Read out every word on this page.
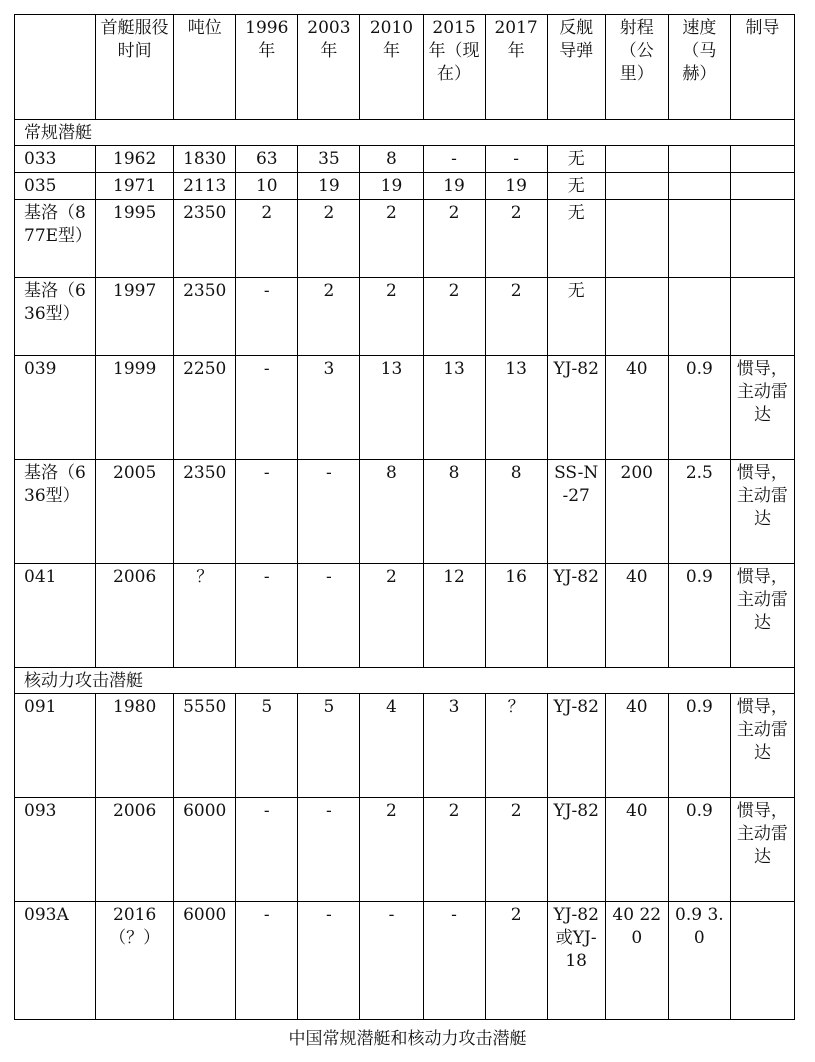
	首艇服役时间	吨位	1996年	2003年	2010年	2015年（现在）	2017年	反舰导弹	射程（公里）	速度（马赫）	制导
常规潜艇											
033	1962	1830	63	35	8	-	-	无			
035	1971	2113	10	19	19	19	19	无			
基洛（877E型）	1995	2350	2	2	2	2	2	无			
基洛（636型）	1997	2350	-	2	2	2	2	无			
039	1999	2250	-	3	13	13	13	YJ-82	40	0.9	惯导，主动雷达
基洛（636型）	2005	2350	-	-	8	8	8	SS-N-27	200	2.5	惯导，主动雷达
041	2006	？	-	-	2	12	16	YJ-82	40	0.9	惯导，主动雷达
核动力攻击潜艇											
091	1980	5550	5	5	4	3	？	YJ-82	40	0.9	惯导，主动雷达
093	2006	6000	-	-	2	2	2	YJ-82	40	0.9	惯导，主动雷达
093A	2016（？）	6000	-	-	-	-	2	YJ-82或YJ-18	40 220	0.9 3.0	
中国常规潜艇和核动力攻击潜艇
